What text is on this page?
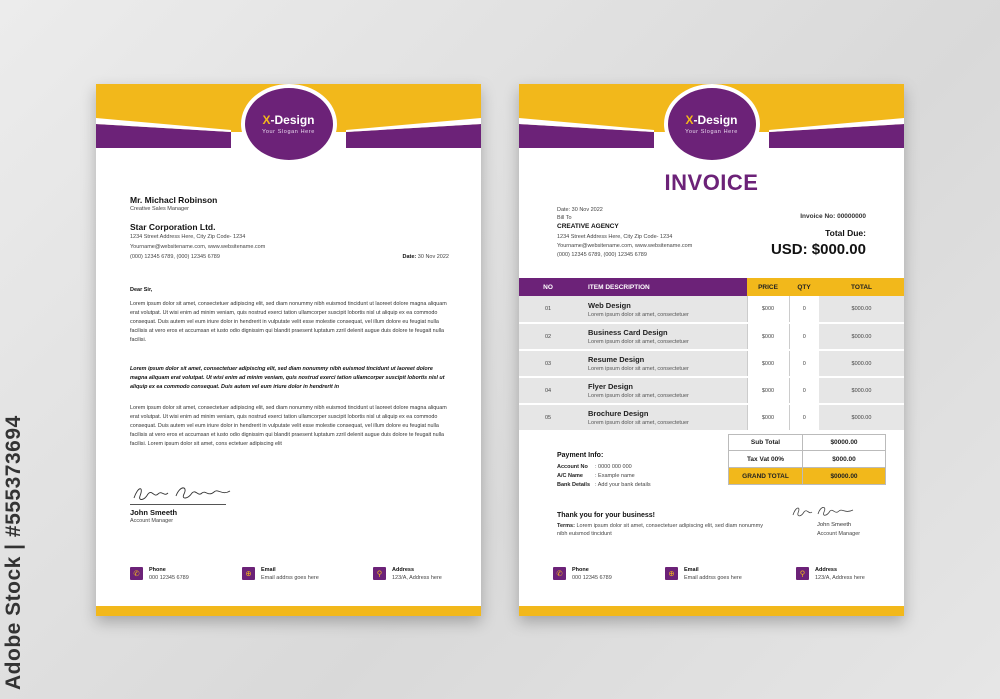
Adobe Stock | #555373694
X-Design
Your Slogan Here
Mr. Michacl Robinson
Creative Sales Manager
Star Corporation Ltd.
1234 Street Address Here, City Zip Code- 1234
Yourname@websitename.com, www.websitename.com
(000) 12345 6789, (000) 12345 6789	Date: 30 Nov 2022
Dear Sir,
Lorem ipsum dolor sit amet, consectetuer adipiscing elit, sed diam nonummy nibh euismod tincidunt ut laoreet dolore magna aliquam erat volutpat. Ut wisi enim ad minim veniam, quis nostrud exerci tation ullamcorper suscipit lobortis nisl ut aliquip ex ea commodo consequat. Duis autem vel eum iriure dolor in hendrerit in vulputate velit esse molestie consequat, vel illum dolore eu feugiat nulla facilisis at vero eros et accumsan et iusto odio dignissim qui blandit praesent luptatum zzril delenit augue duis dolore te feugait nulla facilisi.
Lorem ipsum dolor sit amet, consectetuer adipiscing elit, sed diam nonummy nibh euismod tincidunt ut laoreet dolore magna aliquam erat volutpat. Ut wisi enim ad minim veniam, quis nostrud exerci tation ullamcorper suscipit lobortis nisl ut aliquip ex ea commodo consequat. Duis autem vel eum iriure dolor in hendrerit in
Lorem ipsum dolor sit amet, consectetuer adipiscing elit, sed diam nonummy nibh euismod tincidunt ut laoreet dolore magna aliquam erat volutpat. Ut wisi enim ad minim veniam, quis nostrud exerci tation ullamcorper suscipit lobortis nisl ut aliquip ex ea commodo consequat. Duis autem vel eum iriure dolor in hendrerit in vulputate velit esse molestie consequat, vel illum dolore eu feugiat nulla facilisis at vero eros et accumsan et iusto odio dignissim qui blandit praesent luptatum zzril delenit augue duis dolore te feugait nulla facilisi. Lorem ipsum dolor sit amet, cons ectetuer adipiscing elit
John Smeeth
Account Manager
✆	Phone
000 12345 6789	⊕	Email
Email addrss goes here	⚲	Address
123/A, Address here
X-Design
Your Slogan Here
INVOICE
Date: 30 Nov 2022
Bill To
CREATIVE AGENCY
1234 Street Address Here, City Zip Code- 1234
Yourname@websitename.com, www.websitename.com
(000) 12345 6789, (000) 12345 6789
Invoice No: 00000000
Total Due:
USD: $000.00
NO	ITEM DESCRIPTION	PRICE	QTY	TOTAL
01	Web Design
Lorem ipsum dolor sit amet, consectetuer	$000	0	$000.00
02	Business Card Design
Lorem ipsum dolor sit amet, consectetuer	$000	0	$000.00
03	Resume Design
Lorem ipsum dolor sit amet, consectetuer	$000	0	$000.00
04	Flyer Design
Lorem ipsum dolor sit amet, consectetuer	$000	0	$000.00
05	Brochure Design
Lorem ipsum dolor sit amet, consectetuer	$000	0	$000.00
Sub Total	$0000.00
Tax Vat 00%	$000.00
GRAND TOTAL	$0000.00
Payment Info:
Account No	: 0000 000 000
A/C Name	: Example name
Bank Details : Add your bank details
Thank you for your business!
Terms: Lorem ipsum dolor sit amet, consectetuer adipiscing elit, sed diam nonummy nibh euismod tincidunt
John Smeeth
Account Manager
✆	Phone
000 12345 6789	⊕	Email
Email addrss goes here	⚲	Address
123/A, Address here
